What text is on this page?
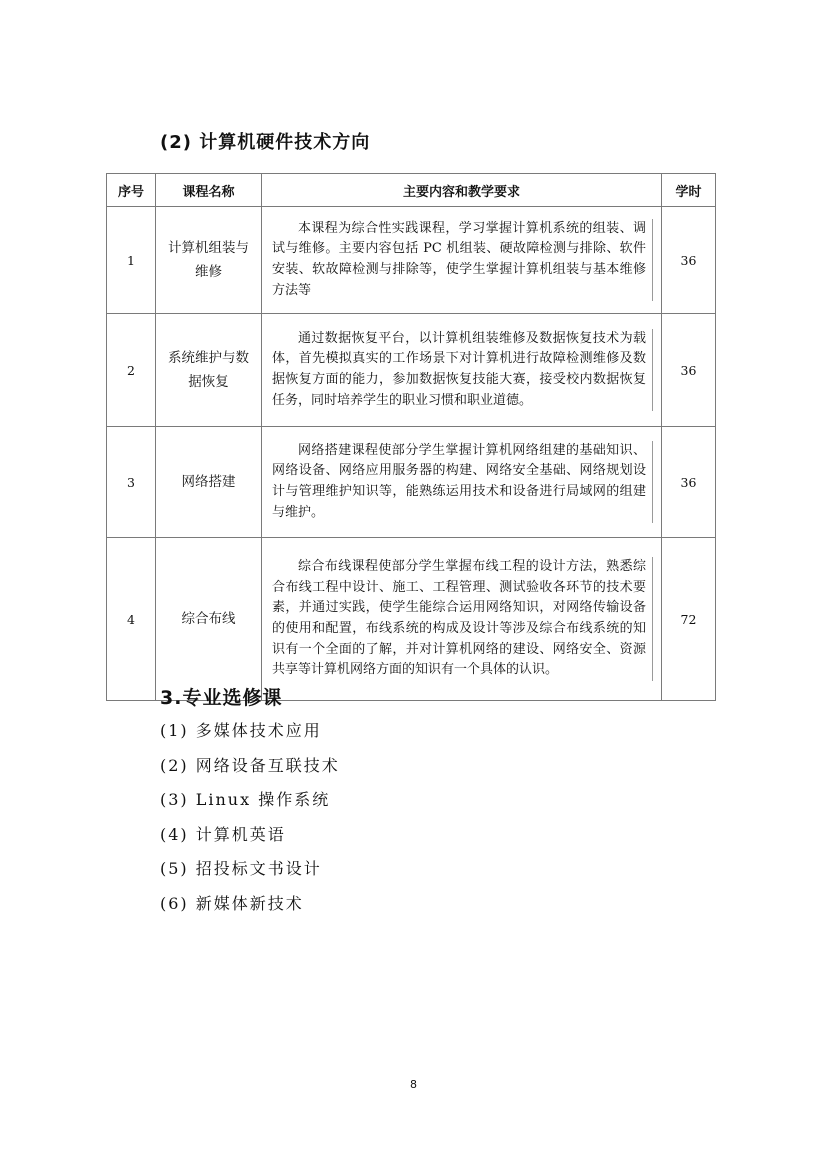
(2) 计算机硬件技术方向
序号	课程名称	主要内容和教学要求	学时
1	计算机组装与维修	本课程为综合性实践课程，学习掌握计算机系统的组装、调试与维修。主要内容包括 PC 机组装、硬故障检测与排除、软件安装、软故障检测与排除等，使学生掌握计算机组装与基本维修方法等	36
2	系统维护与数据恢复	通过数据恢复平台，以计算机组装维修及数据恢复技术为载体，首先模拟真实的工作场景下对计算机进行故障检测维修及数据恢复方面的能力，参加数据恢复技能大赛，接受校内数据恢复任务，同时培养学生的职业习惯和职业道德。	36
3	网络搭建	网络搭建课程使部分学生掌握计算机网络组建的基础知识、网络设备、网络应用服务器的构建、网络安全基础、网络规划设计与管理维护知识等，能熟练运用技术和设备进行局域网的组建与维护。	36
4	综合布线	综合布线课程使部分学生掌握布线工程的设计方法，熟悉综合布线工程中设计、施工、工程管理、测试验收各环节的技术要素，并通过实践，使学生能综合运用网络知识，对网络传输设备的使用和配置，布线系统的构成及设计等涉及综合布线系统的知识有一个全面的了解，并对计算机网络的建设、网络安全、资源共享等计算机网络方面的知识有一个具体的认识。	72
3.专业选修课
(1) 多媒体技术应用
(2) 网络设备互联技术
(3) Linux 操作系统
(4) 计算机英语
(5) 招投标文书设计
(6) 新媒体新技术
8
